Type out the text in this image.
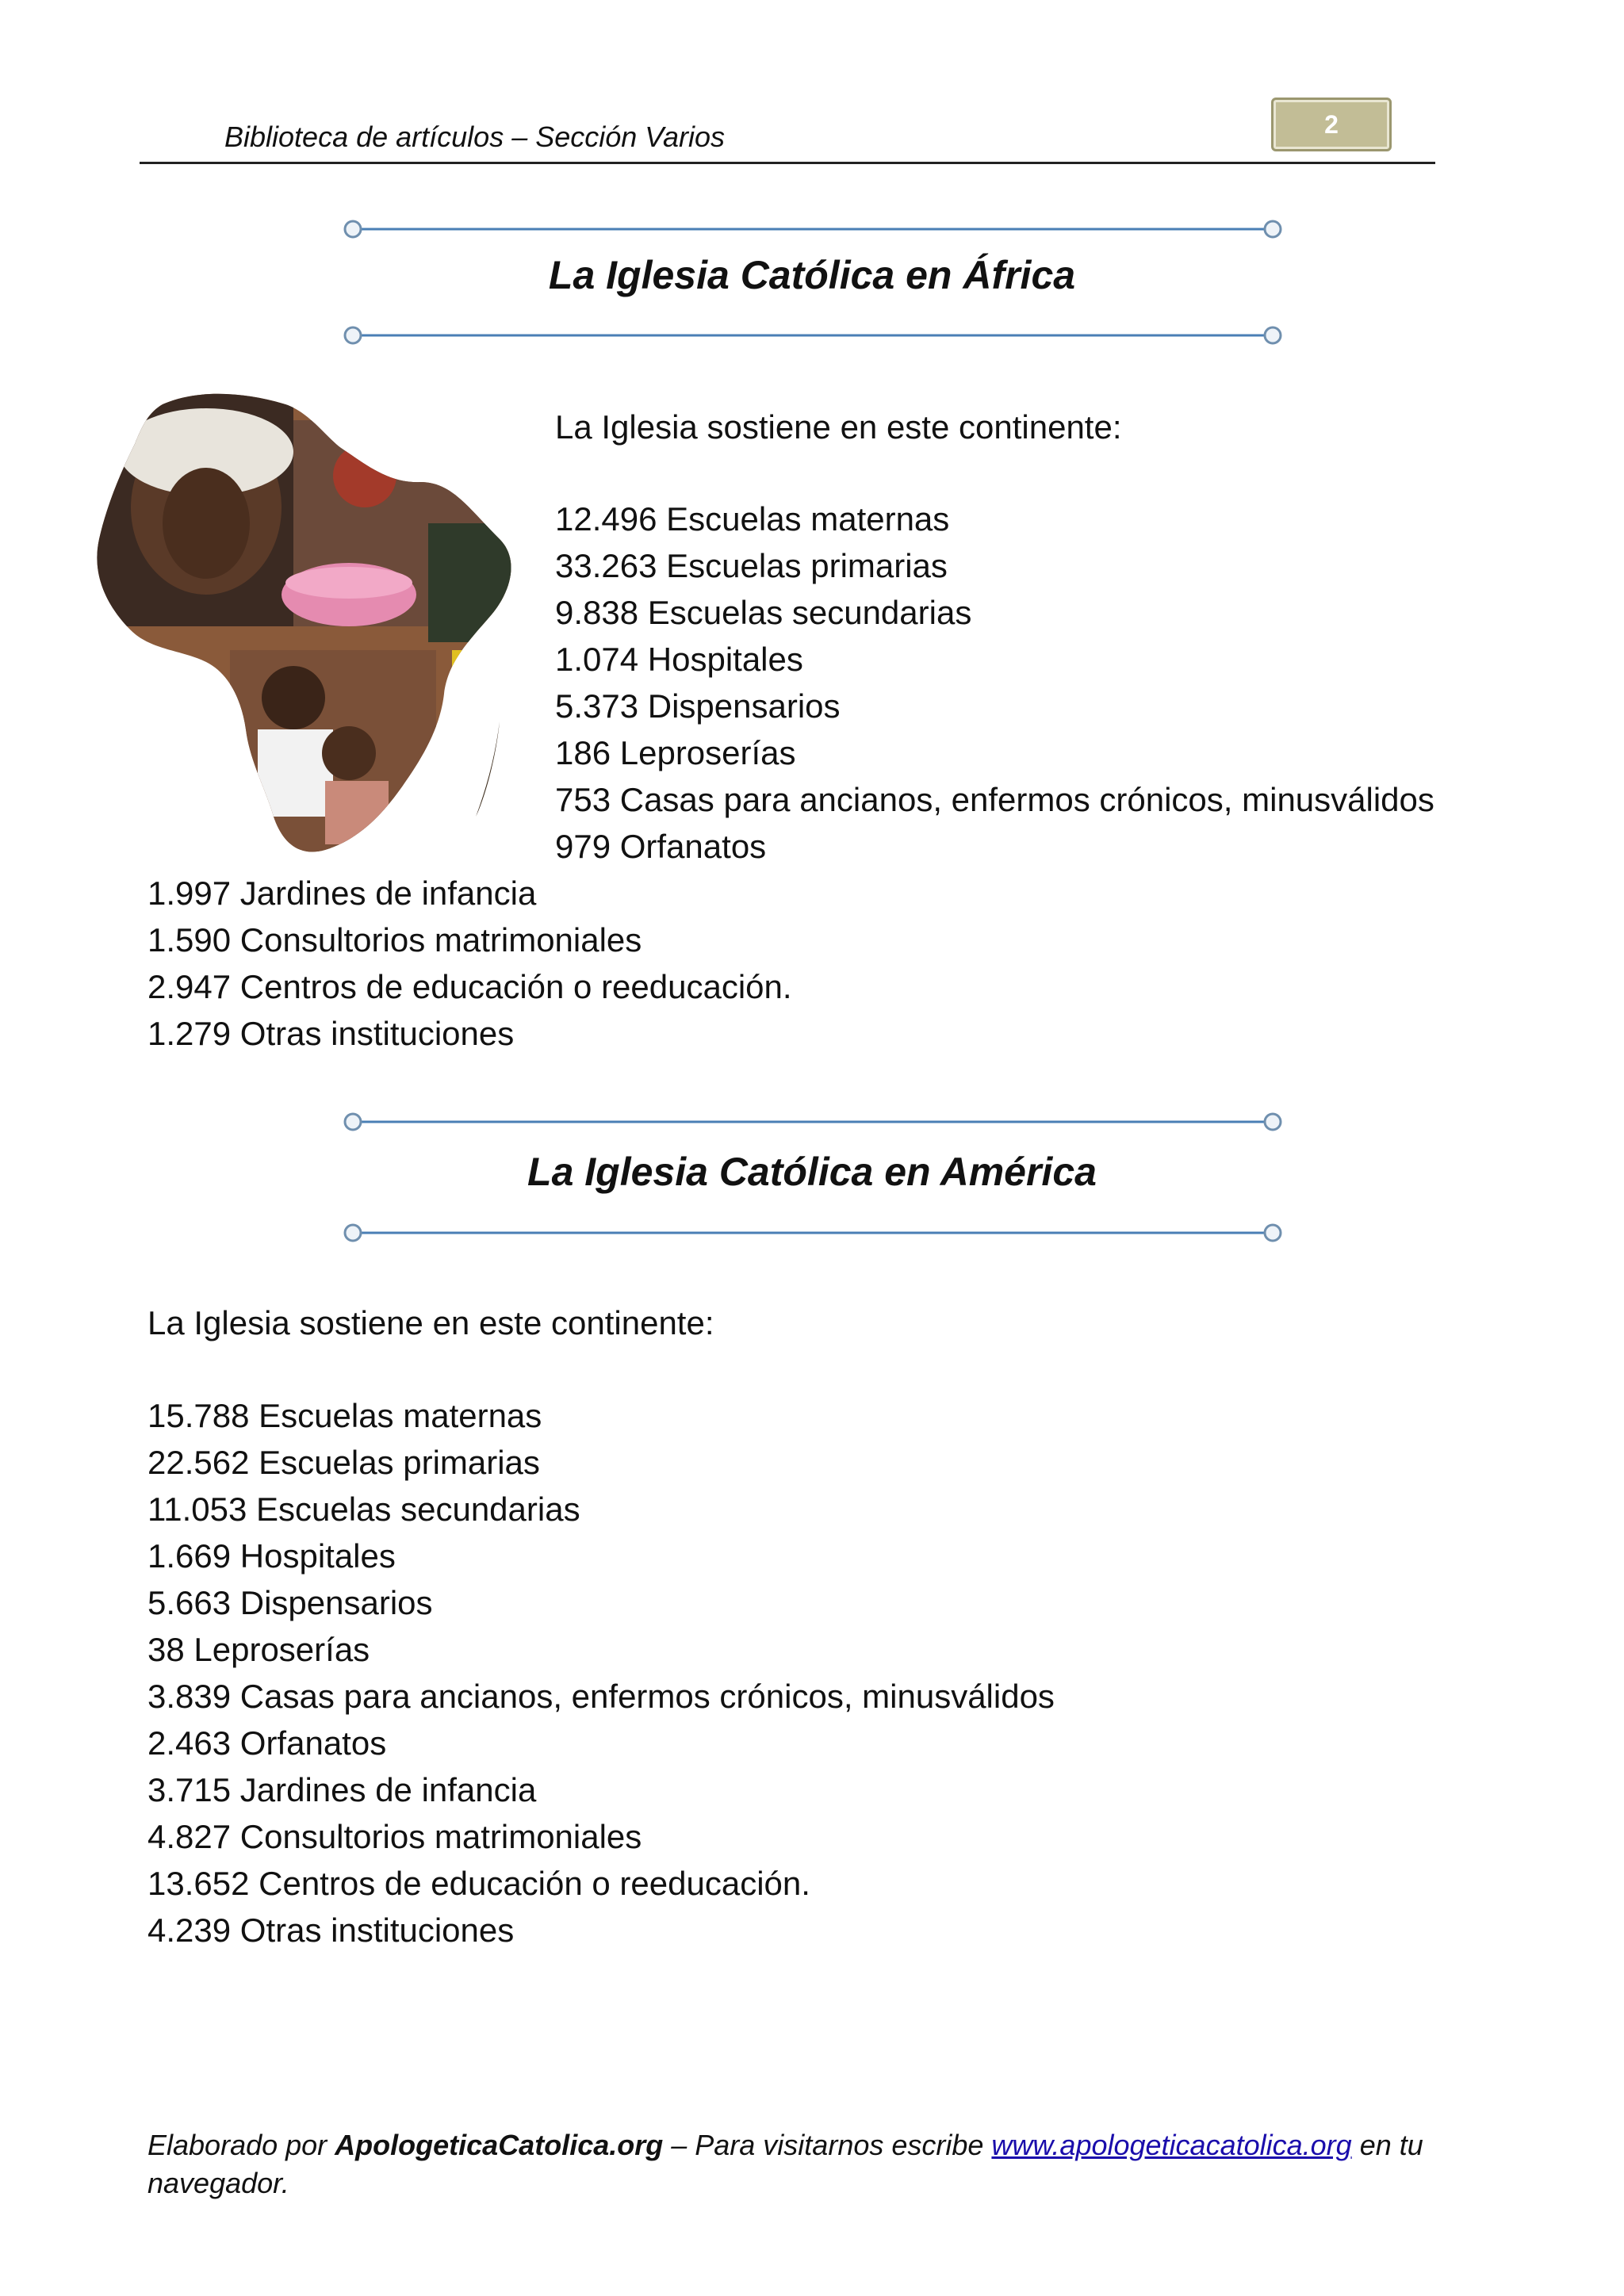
Biblioteca de artículos – Sección Varios	2
La Iglesia Católica en África
La Iglesia sostiene en este continente:
12.496 Escuelas maternas
33.263 Escuelas primarias
9.838 Escuelas secundarias
1.074 Hospitales
5.373 Dispensarios
186 Leproserías
753 Casas para ancianos, enfermos crónicos, minusválidos
979 Orfanatos
1.997 Jardines de infancia
1.590 Consultorios matrimoniales
2.947 Centros de educación o reeducación.
1.279 Otras instituciones
La Iglesia Católica en América
La Iglesia sostiene en este continente:
15.788 Escuelas maternas
22.562 Escuelas primarias
11.053 Escuelas secundarias
1.669 Hospitales
5.663 Dispensarios
38 Leproserías
3.839 Casas para ancianos, enfermos crónicos, minusválidos
2.463 Orfanatos
3.715 Jardines de infancia
4.827 Consultorios matrimoniales
13.652 Centros de educación o reeducación.
4.239 Otras instituciones
Elaborado por ApologeticaCatolica.org – Para visitarnos escribe www.apologeticacatolica.org en tu navegador.
